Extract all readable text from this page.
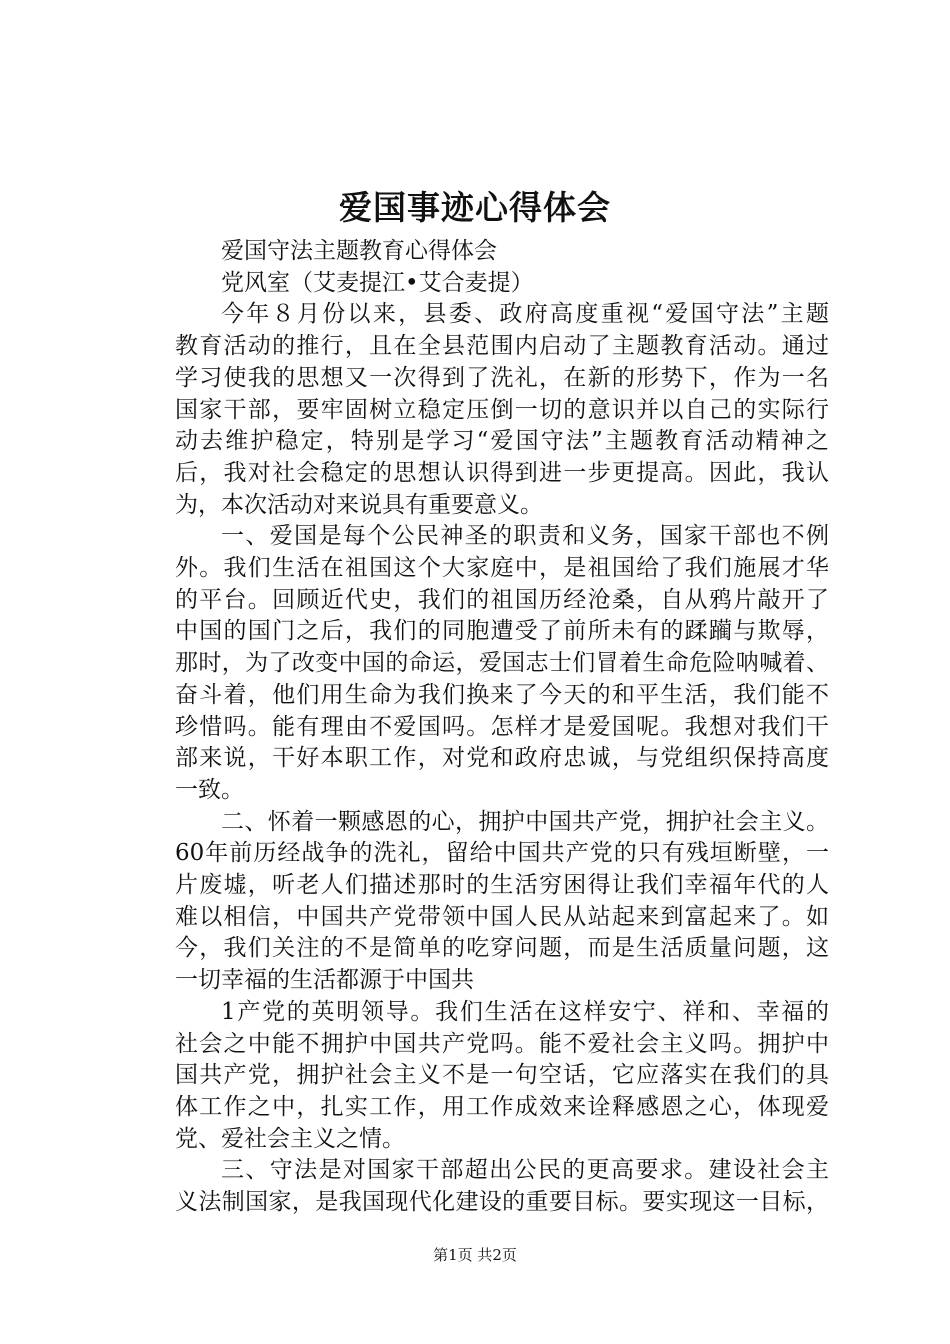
爱国事迹心得体会

爱国守法主题教育心得体会

党风室（艾麦提江•艾合麦提）

今年８月份以来，县委、政府高度重视“爱国守法”主题
教育活动的推行，且在全县范围内启动了主题教育活动。通过
学习使我的思想又一次得到了洗礼，在新的形势下，作为一名
国家干部，要牢固树立稳定压倒一切的意识并以自己的实际行
动去维护稳定，特别是学习“爱国守法”主题教育活动精神之
后，我对社会稳定的思想认识得到进一步更提高。因此，我认
为，本次活动对来说具有重要意义。

一、爱国是每个公民神圣的职责和义务，国家干部也不例
外。我们生活在祖国这个大家庭中，是祖国给了我们施展才华
的平台。回顾近代史，我们的祖国历经沧桑，自从鸦片敲开了
中国的国门之后，我们的同胞遭受了前所未有的蹂躏与欺辱，
那时，为了改变中国的命运，爱国志士们冒着生命危险呐喊着、
奋斗着，他们用生命为我们换来了今天的和平生活，我们能不
珍惜吗。能有理由不爱国吗。怎样才是爱国呢。我想对我们干
部来说，干好本职工作，对党和政府忠诚，与党组织保持高度
一致。

二、怀着一颗感恩的心，拥护中国共产党，拥护社会主义。
60年前历经战争的洗礼，留给中国共产党的只有残垣断壁，一
片废墟，听老人们描述那时的生活穷困得让我们幸福年代的人
难以相信，中国共产党带领中国人民从站起来到富起来了。如
今，我们关注的不是简单的吃穿问题，而是生活质量问题，这
一切幸福的生活都源于中国共

1产党的英明领导。我们生活在这样安宁、祥和、幸福的
社会之中能不拥护中国共产党吗。能不爱社会主义吗。拥护中
国共产党，拥护社会主义不是一句空话，它应落实在我们的具
体工作之中，扎实工作，用工作成效来诠释感恩之心，体现爱
党、爱社会主义之情。

三、守法是对国家干部超出公民的更高要求。建设社会主
义法制国家，是我国现代化建设的重要目标。要实现这一目标，

第1页 共2页
